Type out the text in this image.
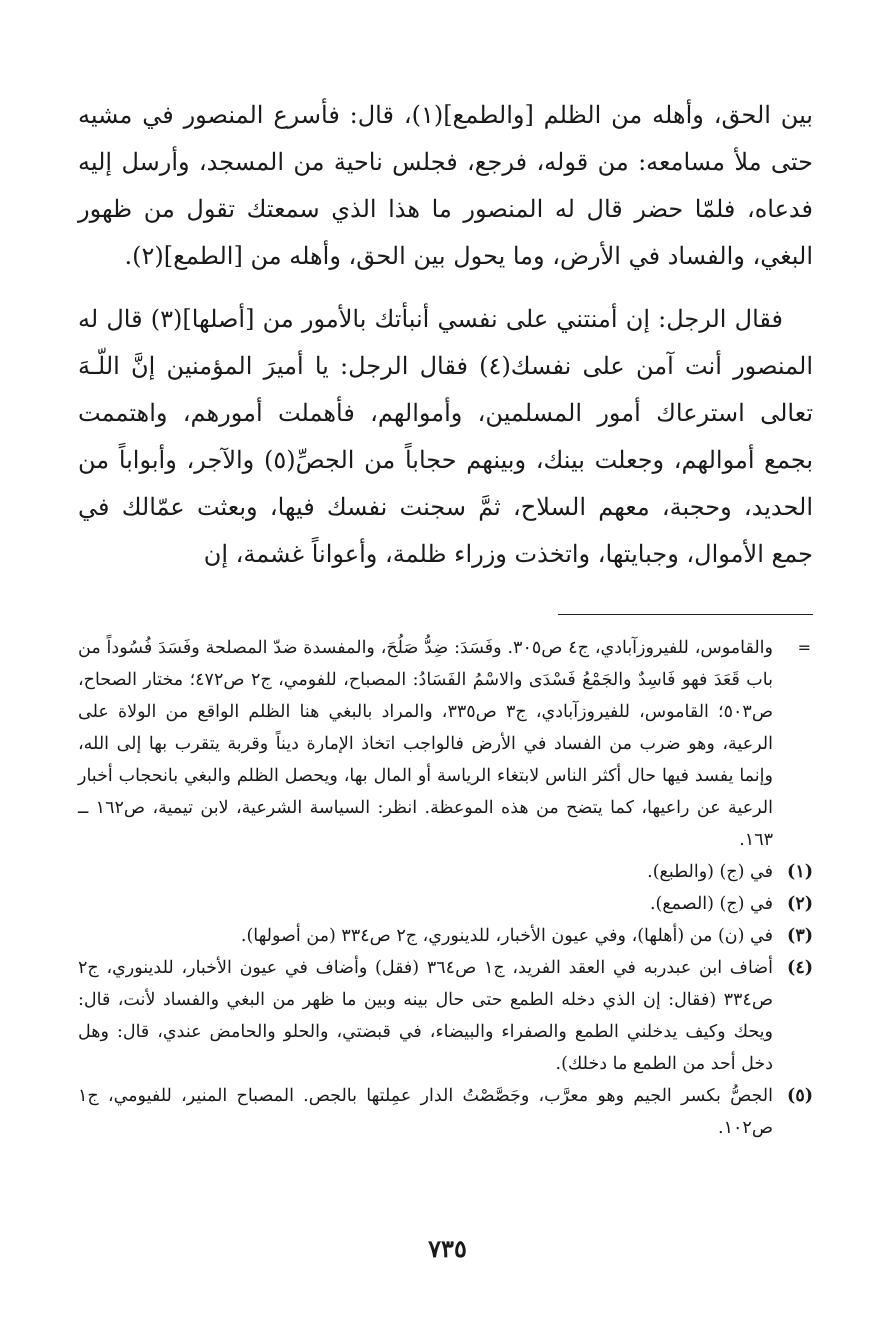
بين الحق، وأهله من الظلم [والطمع](١)، قال: فأسرع المنصور في مشيه حتى ملأ مسامعه: من قوله، فرجع، فجلس ناحية من المسجد، وأرسل إليه فدعاه، فلمّا حضر قال له المنصور ما هذا الذي سمعتك تقول من ظهور البغي، والفساد في الأرض، وما يحول بين الحق، وأهله من [الطمع](٢).

فقال الرجل: إن أمنتني على نفسي أنبأتك بالأمور من [أصلها](٣) قال له المنصور أنت آمن على نفسك(٤) فقال الرجل: يا أميرَ المؤمنين إنَّ اللّـهَ تعالى استرعاك أمور المسلمين، وأموالهم، فأهملت أمورهم، واهتممت بجمع أموالهم، وجعلت بينك، وبينهم حجاباً من الجصِّ(٥) والآجر، وأبواباً من الحديد، وحجبة، معهم السلاح، ثمَّ سجنت نفسك فيها، وبعثت عمّالك في جمع الأموال، وجبايتها، واتخذت وزراء ظلمة، وأعواناً غشمة، إن

=
والقاموس، للفيروزآبادي، ج٤ ص٣٠٥. وفَسَدَ: ضِدُّ صَلُحَ، والمفسدة ضدّ المصلحة وفَسَدَ فُسُوداً من باب قَعَدَ فهو فَاسِدٌ والجَمْعُ فَسْدَى والاسْمُ الفَسَادُ: المصباح، للفومي، ج٢ ص٤٧٢؛ مختار الصحاح، ص٥٠٣؛ القاموس، للفيروزآبادي، ج٣ ص٣٣٥، والمراد بالبغي هنا الظلم الواقع من الولاة على الرعية، وهو ضرب من الفساد في الأرض فالواجب اتخاذ الإمارة ديناً وقربة يتقرب بها إلى الله، وإنما يفسد فيها حال أكثر الناس لابتغاء الرياسة أو المال بها، ويحصل الظلم والبغي بانحجاب أخبار الرعية عن راعيها، كما يتضح من هذه الموعظة. انظر: السياسة الشرعية، لابن تيمية، ص١٦٢ ــ ١٦٣.
(١)
في (ج) (والطبع).
(٢)
في (ج) (الصمع).
(٣)
في (ن) من (أهلها)، وفي عيون الأخبار، للدينوري، ج٢ ص٣٣٤ (من أصولها).
(٤)
أضاف ابن عبدربه في العقد الفريد، ج١ ص٣٦٤ (فقل) وأضاف في عيون الأخبار، للدينوري، ج٢ ص٣٣٤ (فقال: إن الذي دخله الطمع حتى حال بينه وبين ما ظهر من البغي والفساد لأنت، قال: ويحك وكيف يدخلني الطمع والصفراء والبيضاء، في قبضتي، والحلو والحامض عندي، قال: وهل دخل أحد من الطمع ما دخلك).
(٥)
الجصُّ بكسر الجيم وهو معرَّب، وجَصَّصْتُ الدار عمِلتها بالجص. المصباح المنير، للفيومي، ج١ ص١٠٢.
٧٣٥
